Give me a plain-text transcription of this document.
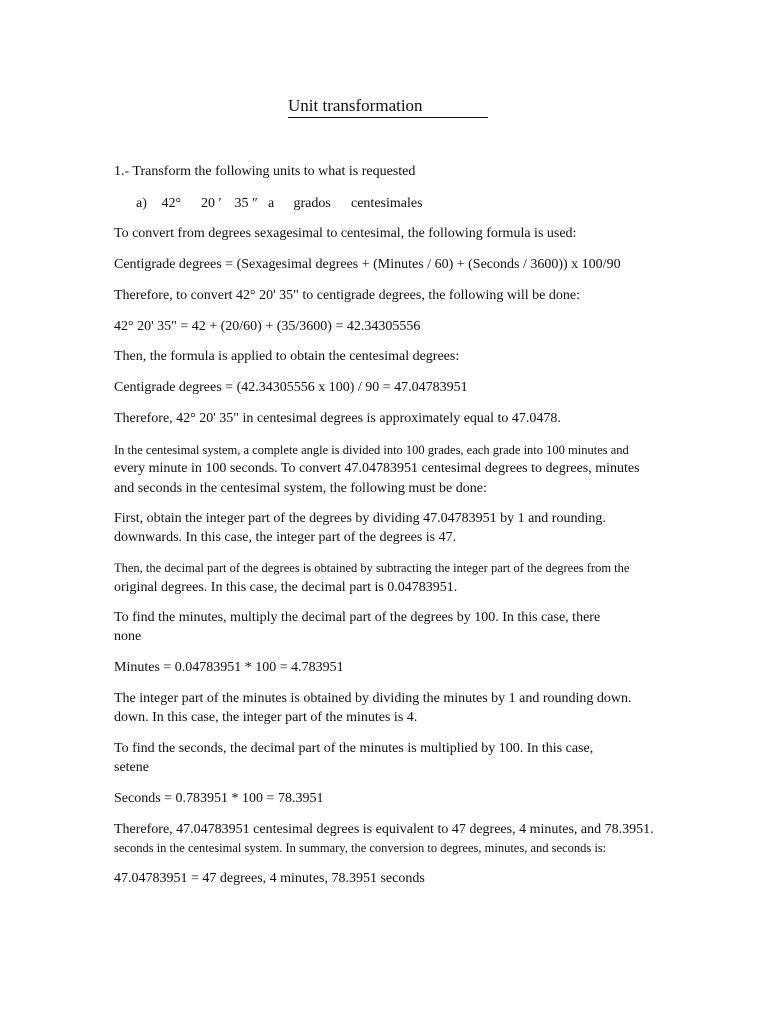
Unit transformation
1.- Transform the following units to what is requested
a) 42° 20 ′ 35 ″ a grados centesimales
To convert from degrees sexagesimal to centesimal, the following formula is used:
Centigrade degrees = (Sexagesimal degrees + (Minutes / 60) + (Seconds / 3600)) x 100/90
Therefore, to convert 42° 20' 35" to centigrade degrees, the following will be done:
42° 20' 35" = 42 + (20/60) + (35/3600) = 42.34305556
Then, the formula is applied to obtain the centesimal degrees:
Centigrade degrees = (42.34305556 x 100) / 90 = 47.04783951
Therefore, 42° 20' 35" in centesimal degrees is approximately equal to 47.0478.
In the centesimal system, a complete angle is divided into 100 grades, each grade into 100 minutes and
every minute in 100 seconds. To convert 47.04783951 centesimal degrees to degrees, minutes
and seconds in the centesimal system, the following must be done:
First, obtain the integer part of the degrees by dividing 47.04783951 by 1 and rounding.
downwards. In this case, the integer part of the degrees is 47.
Then, the decimal part of the degrees is obtained by subtracting the integer part of the degrees from the
original degrees. In this case, the decimal part is 0.04783951.
To find the minutes, multiply the decimal part of the degrees by 100. In this case, there
none
Minutes = 0.04783951 * 100 = 4.783951
The integer part of the minutes is obtained by dividing the minutes by 1 and rounding down.
down. In this case, the integer part of the minutes is 4.
To find the seconds, the decimal part of the minutes is multiplied by 100. In this case,
setene
Seconds = 0.783951 * 100 = 78.3951
Therefore, 47.04783951 centesimal degrees is equivalent to 47 degrees, 4 minutes, and 78.3951.
seconds in the centesimal system. In summary, the conversion to degrees, minutes, and seconds is:
47.04783951 = 47 degrees, 4 minutes, 78.3951 seconds
